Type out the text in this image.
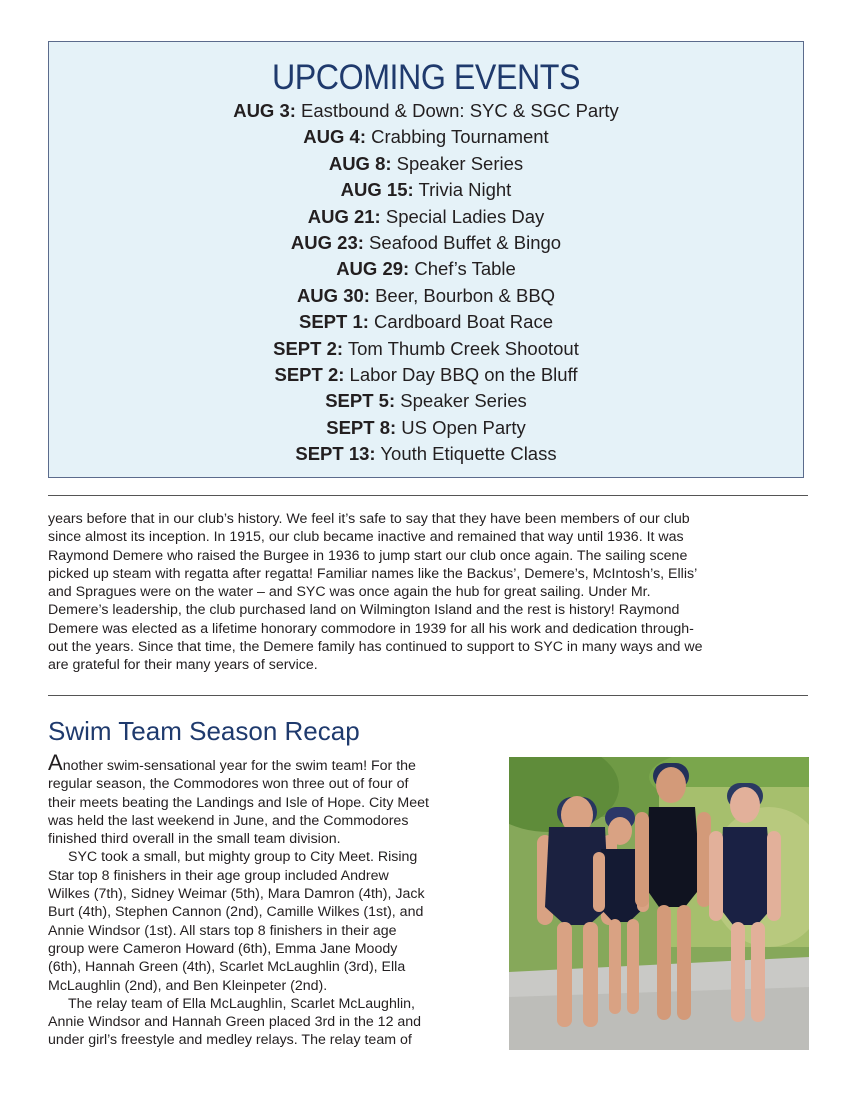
UPCOMING EVENTS
AUG 3: Eastbound & Down: SYC & SGC Party
AUG 4: Crabbing Tournament
AUG 8: Speaker Series
AUG 15: Trivia Night
AUG 21: Special Ladies Day
AUG 23: Seafood Buffet & Bingo
AUG 29: Chef’s Table
AUG 30: Beer, Bourbon & BBQ
SEPT 1: Cardboard Boat Race
SEPT 2: Tom Thumb Creek Shootout
SEPT 2: Labor Day BBQ on the Bluff
SEPT 5: Speaker Series
SEPT 8: US Open Party
SEPT 13: Youth Etiquette Class
years before that in our club’s history. We feel it’s safe to say that they have been members of our club
since almost its inception. In 1915, our club became inactive and remained that way until 1936. It was
Raymond Demere who raised the Burgee in 1936 to jump start our club once again. The sailing scene
picked up steam with regatta after regatta! Familiar names like the Backus’, Demere’s, McIntosh’s, Ellis’
and Spragues were on the water – and SYC was once again the hub for great sailing. Under Mr.
Demere’s leadership, the club purchased land on Wilmington Island and the rest is history! Raymond
Demere was elected as a lifetime honorary commodore in 1939 for all his work and dedication through-
out the years. Since that time, the Demere family has continued to support to SYC in many ways and we
are grateful for their many years of service.
Swim Team Season Recap

Another swim-sensational year for the swim team! For the

regular season, the Commodores won three out of four of
their meets beating the Landings and Isle of Hope. City Meet
was held the last weekend in June, and the Commodores
finished third overall in the small team division.

SYC took a small, but mighty group to City Meet. Rising
Star top 8 finishers in their age group included Andrew
Wilkes (7th), Sidney Weimar (5th), Mara Damron (4th), Jack
Burt (4th), Stephen Cannon (2nd), Camille Wilkes (1st), and
Annie Windsor (1st). All stars top 8 finishers in their age
group were Cameron Howard (6th), Emma Jane Moody
(6th), Hannah Green (4th), Scarlet McLaughlin (3rd), Ella
McLaughlin (2nd), and Ben Kleinpeter (2nd).

The relay team of Ella McLaughlin, Scarlet McLaughlin,
Annie Windsor and Hannah Green placed 3rd in the 12 and
under girl’s freestyle and medley relays. The relay team of
